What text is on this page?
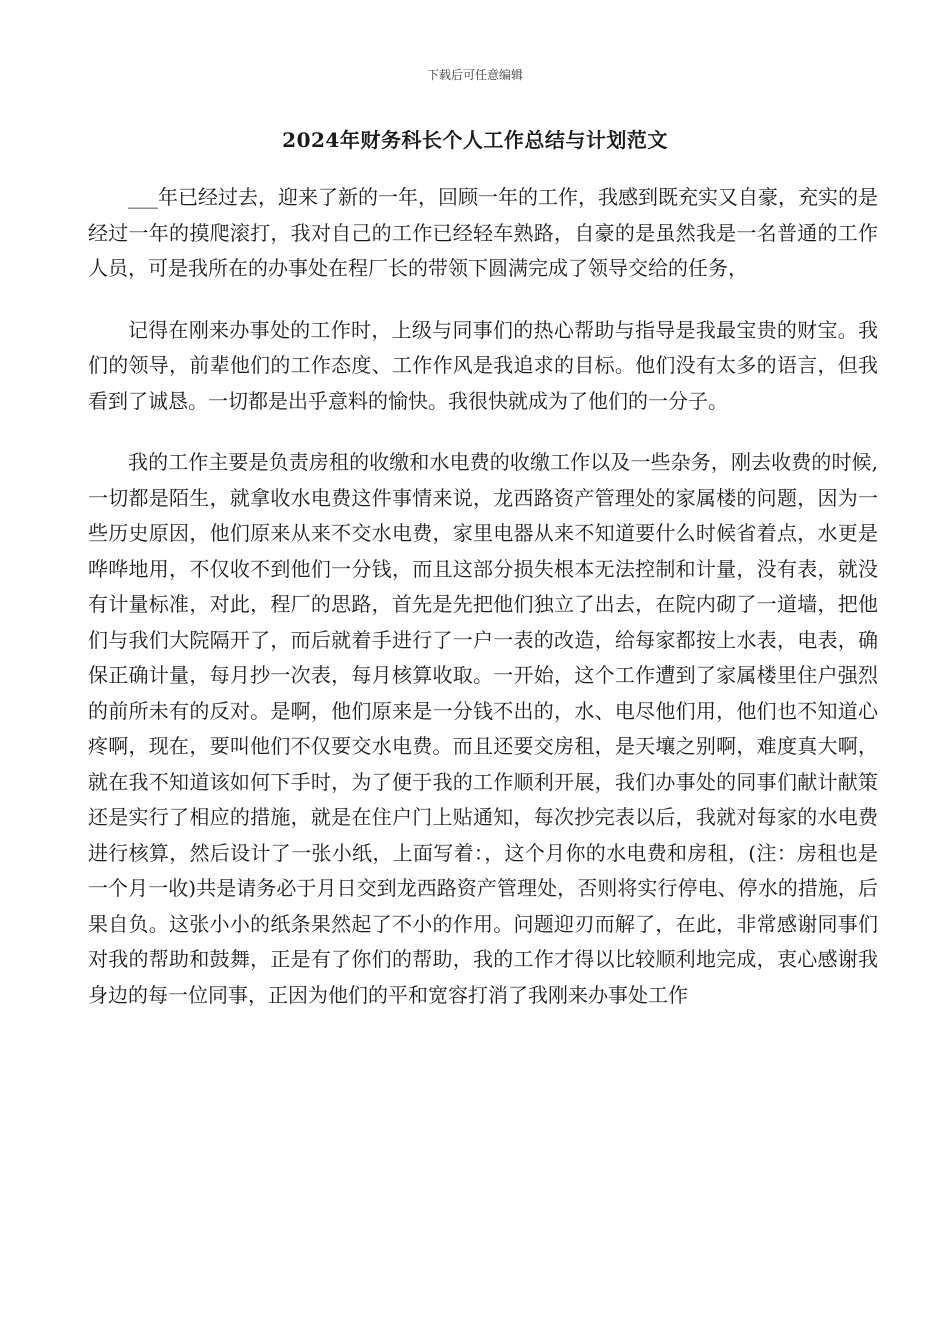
下载后可任意编辑
2024年财务科长个人工作总结与计划范文

___年已经过去，迎来了新的一年，回顾一年的工作，我感到既充实又自豪，充实的是经过一年的摸爬滚打，我对自己的工作已经轻车熟路，自豪的是虽然我是一名普通的工作人员，可是我所在的办事处在程厂长的带领下圆满完成了领导交给的任务，

记得在刚来办事处的工作时，上级与同事们的热心帮助与指导是我最宝贵的财宝。我们的领导，前辈他们的工作态度、工作作风是我追求的目标。他们没有太多的语言，但我看到了诚恳。一切都是出乎意料的愉快。我很快就成为了他们的一分子。

我的工作主要是负责房租的收缴和水电费的收缴工作以及一些杂务，刚去收费的时候,一切都是陌生，就拿收水电费这件事情来说，龙西路资产管理处的家属楼的问题，因为一些历史原因，他们原来从来不交水电费，家里电器从来不知道要什么时候省着点，水更是哗哗地用，不仅收不到他们一分钱，而且这部分损失根本无法控制和计量，没有表，就没有计量标准，对此，程厂的思路，首先是先把他们独立了出去，在院内砌了一道墙，把他们与我们大院隔开了，而后就着手进行了一户一表的改造，给每家都按上水表，电表，确保正确计量，每月抄一次表，每月核算收取。一开始，这个工作遭到了家属楼里住户强烈的前所未有的反对。是啊，他们原来是一分钱不出的，水、电尽他们用，他们也不知道心疼啊，现在，要叫他们不仅要交水电费。而且还要交房租，是天壤之别啊，难度真大啊，就在我不知道该如何下手时，为了便于我的工作顺利开展，我们办事处的同事们献计献策还是实行了相应的措施，就是在住户门上贴通知，每次抄完表以后，我就对每家的水电费进行核算，然后设计了一张小纸，上面写着：，这个月你的水电费和房租，(注：房租也是一个月一收)共是请务必于月日交到龙西路资产管理处，否则将实行停电、停水的措施，后果自负。这张小小的纸条果然起了不小的作用。问题迎刃而解了，在此，非常感谢同事们对我的帮助和鼓舞，正是有了你们的帮助，我的工作才得以比较顺利地完成，衷心感谢我身边的每一位同事，正因为他们的平和宽容打消了我刚来办事处工作
